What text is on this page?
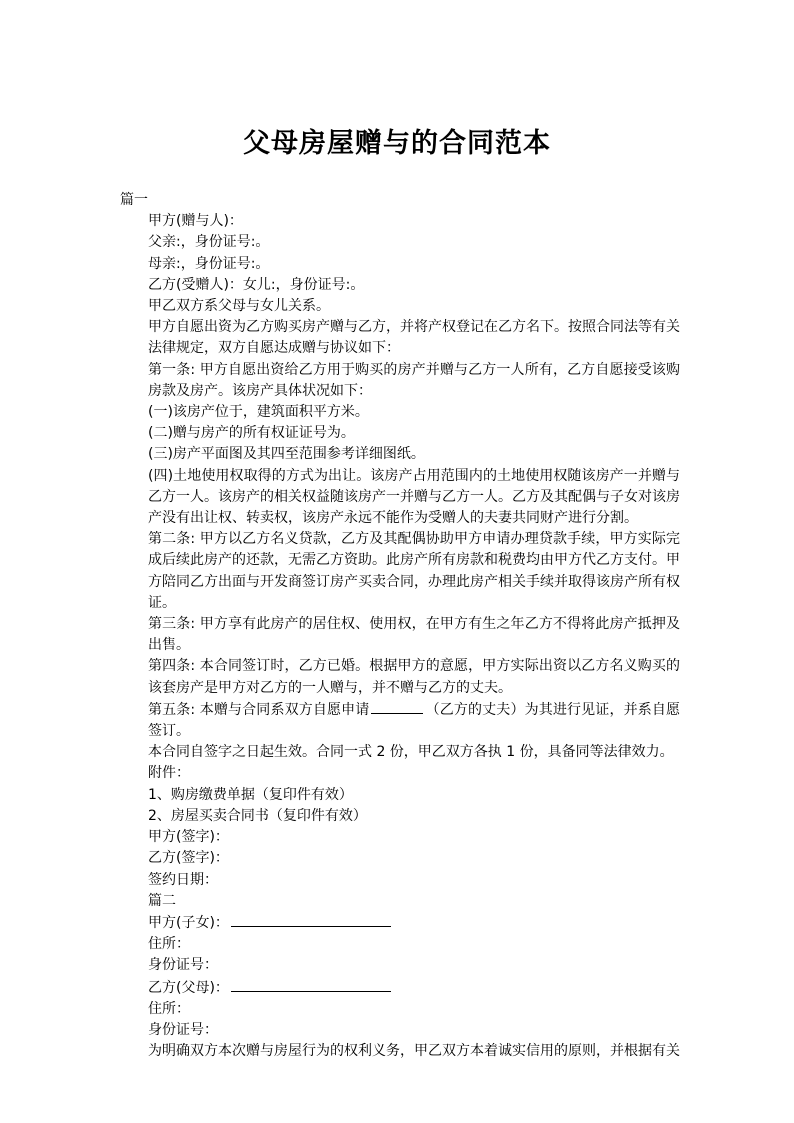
父母房屋赠与的合同范本

篇一

甲方(赠与人)：

父亲:，身份证号:。

母亲:，身份证号:。

乙方(受赠人)：女儿:，身份证号:。

甲乙双方系父母与女儿关系。

甲方自愿出资为乙方购买房产赠与乙方，并将产权登记在乙方名下。按照合同法等有关法律规定，双方自愿达成赠与协议如下：

第一条: 甲方自愿出资给乙方用于购买的房产并赠与乙方一人所有，乙方自愿接受该购房款及房产。该房产具体状况如下：

(一)该房产位于，建筑面积平方米。

(二)赠与房产的所有权证证号为。

(三)房产平面图及其四至范围参考详细图纸。

(四)土地使用权取得的方式为出让。该房产占用范围内的土地使用权随该房产一并赠与乙方一人。该房产的相关权益随该房产一并赠与乙方一人。乙方及其配偶与子女对该房产没有出让权、转卖权，该房产永远不能作为受赠人的夫妻共同财产进行分割。

第二条: 甲方以乙方名义贷款，乙方及其配偶协助甲方申请办理贷款手续，甲方实际完成后续此房产的还款，无需乙方资助。此房产所有房款和税费均由甲方代乙方支付。甲方陪同乙方出面与开发商签订房产买卖合同，办理此房产相关手续并取得该房产所有权证。

第三条: 甲方享有此房产的居住权、使用权，在甲方有生之年乙方不得将此房产抵押及出售。

第四条: 本合同签订时，乙方已婚。根据甲方的意愿，甲方实际出资以乙方名义购买的该套房产是甲方对乙方的一人赠与，并不赠与乙方的丈夫。

第五条: 本赠与合同系双方自愿申请	（乙方的丈夫）为其进行见证，并系自愿签订。

本合同自签字之日起生效。合同一式 2 份，甲乙双方各执 1 份，具备同等法律效力。

附件：

1、购房缴费单据（复印件有效）

2、房屋买卖合同书（复印件有效）

甲方(签字)：

乙方(签字)：

签约日期：

篇二

甲方(子女)：

住所：

身份证号：

乙方(父母)：

住所：

身份证号：

为明确双方本次赠与房屋行为的权利义务，甲乙双方本着诚实信用的原则，并根据有关
